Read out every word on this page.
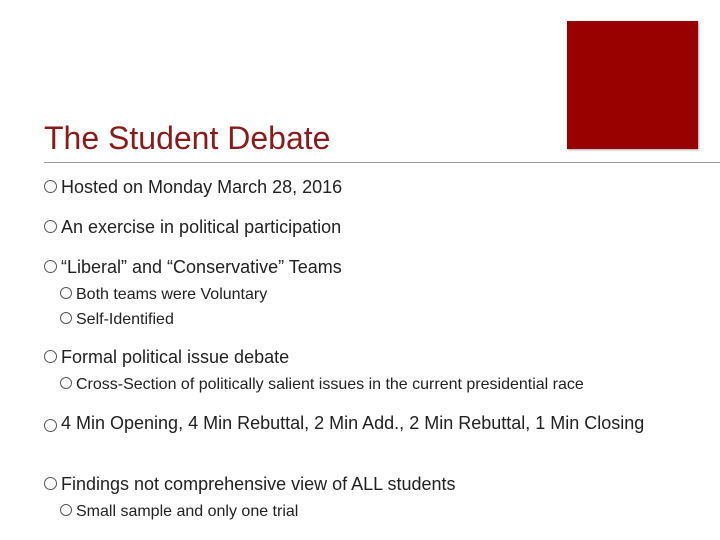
The Student Debate
Hosted on Monday March 28, 2016
An exercise in political participation
“Liberal” and “Conservative” Teams
Both teams were Voluntary
Self-Identified
Formal political issue debate
Cross-Section of politically salient issues in the current presidential race
4 Min Opening, 4 Min Rebuttal, 2 Min Add., 2 Min Rebuttal, 1 Min Closing
Findings not comprehensive view of ALL students
Small sample and only one trial
